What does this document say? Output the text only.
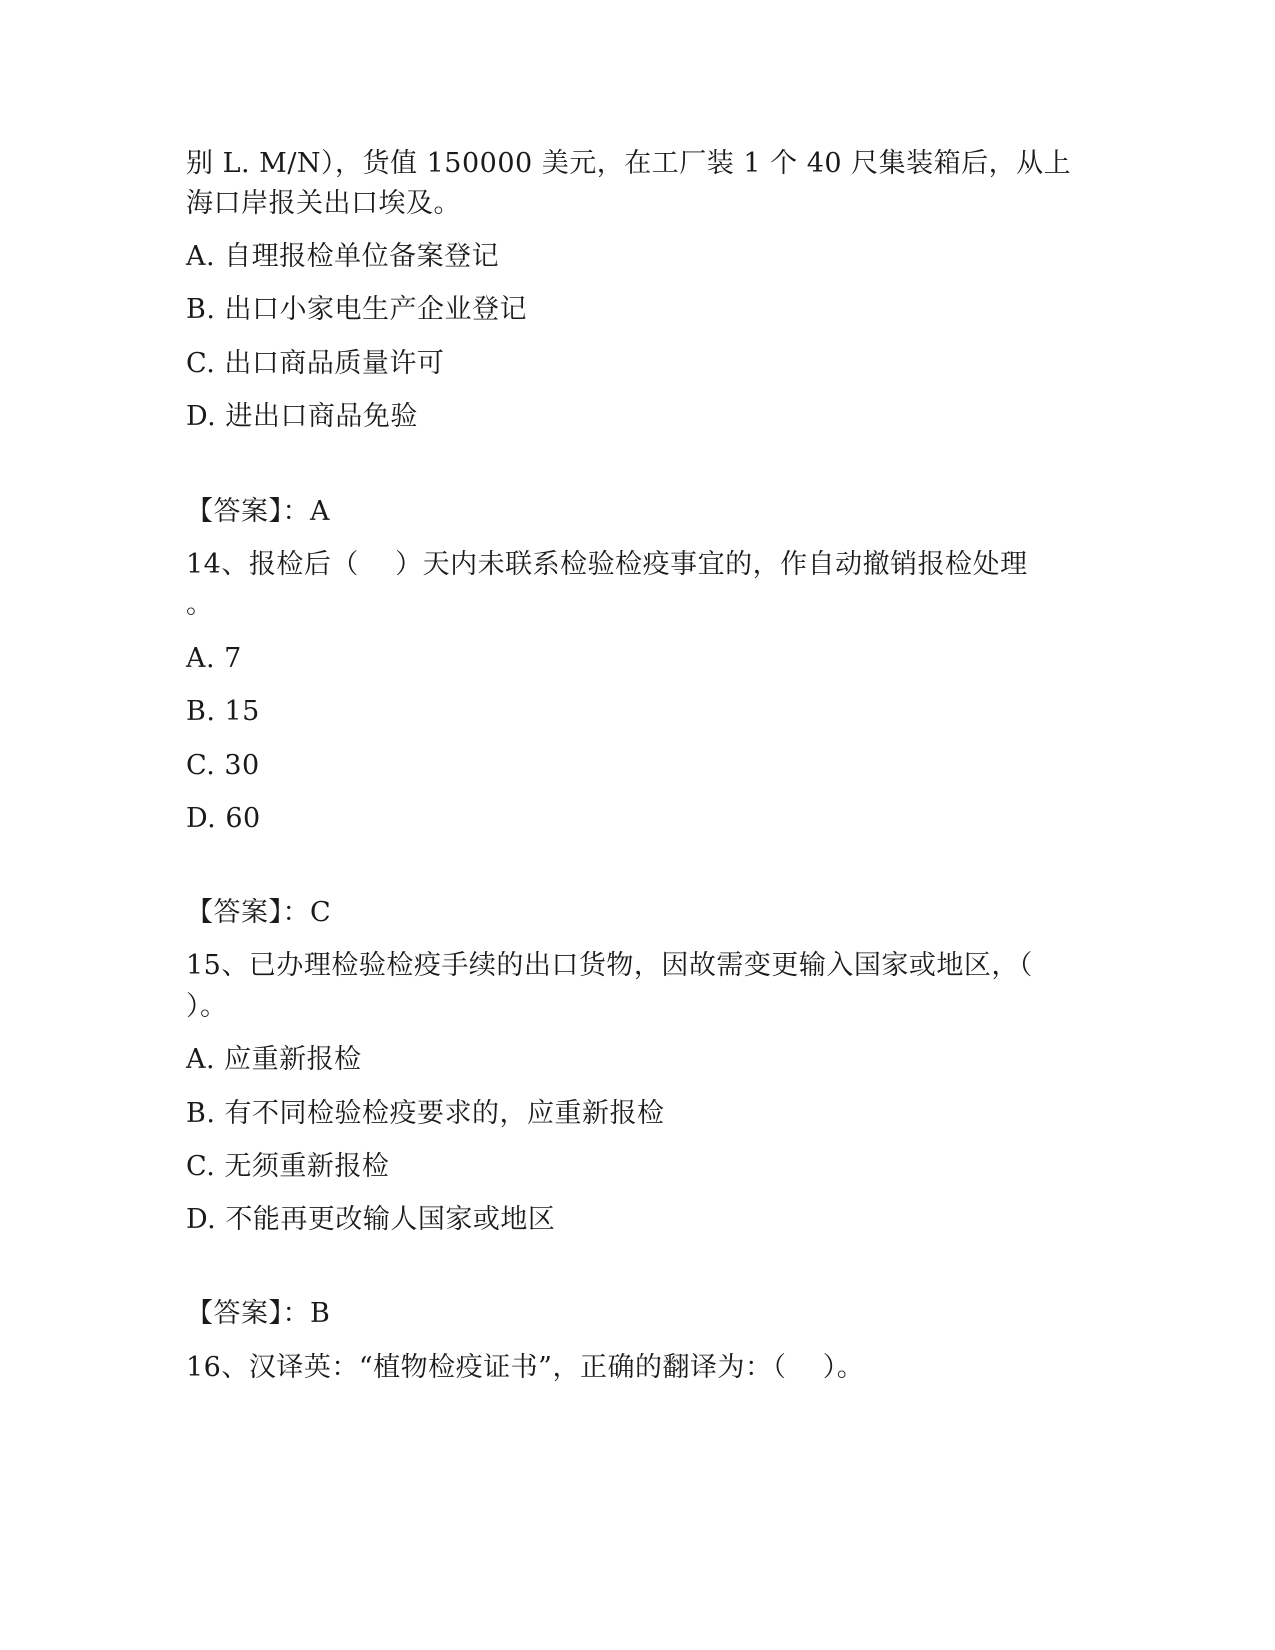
别 L. M/N），货值 150000 美元，在工厂装 1 个 40 尺集装箱后，从上
海口岸报关出口埃及。
A. 自理报检单位备案登记
B. 出口小家电生产企业登记
C. 出口商品质量许可
D. 进出口商品免验
【答案】：A
14、报检后（    ）天内未联系检验检疫事宜的，作自动撤销报检处理
。
A. 7
B. 15
C. 30
D. 60
【答案】：C
15、已办理检验检疫手续的出口货物，因故需变更输入国家或地区，（
）。
A. 应重新报检
B. 有不同检验检疫要求的，应重新报检
C. 无须重新报检
D. 不能再更改输人国家或地区
【答案】：B
16、汉译英：“植物检疫证书”，正确的翻译为：（    ）。
